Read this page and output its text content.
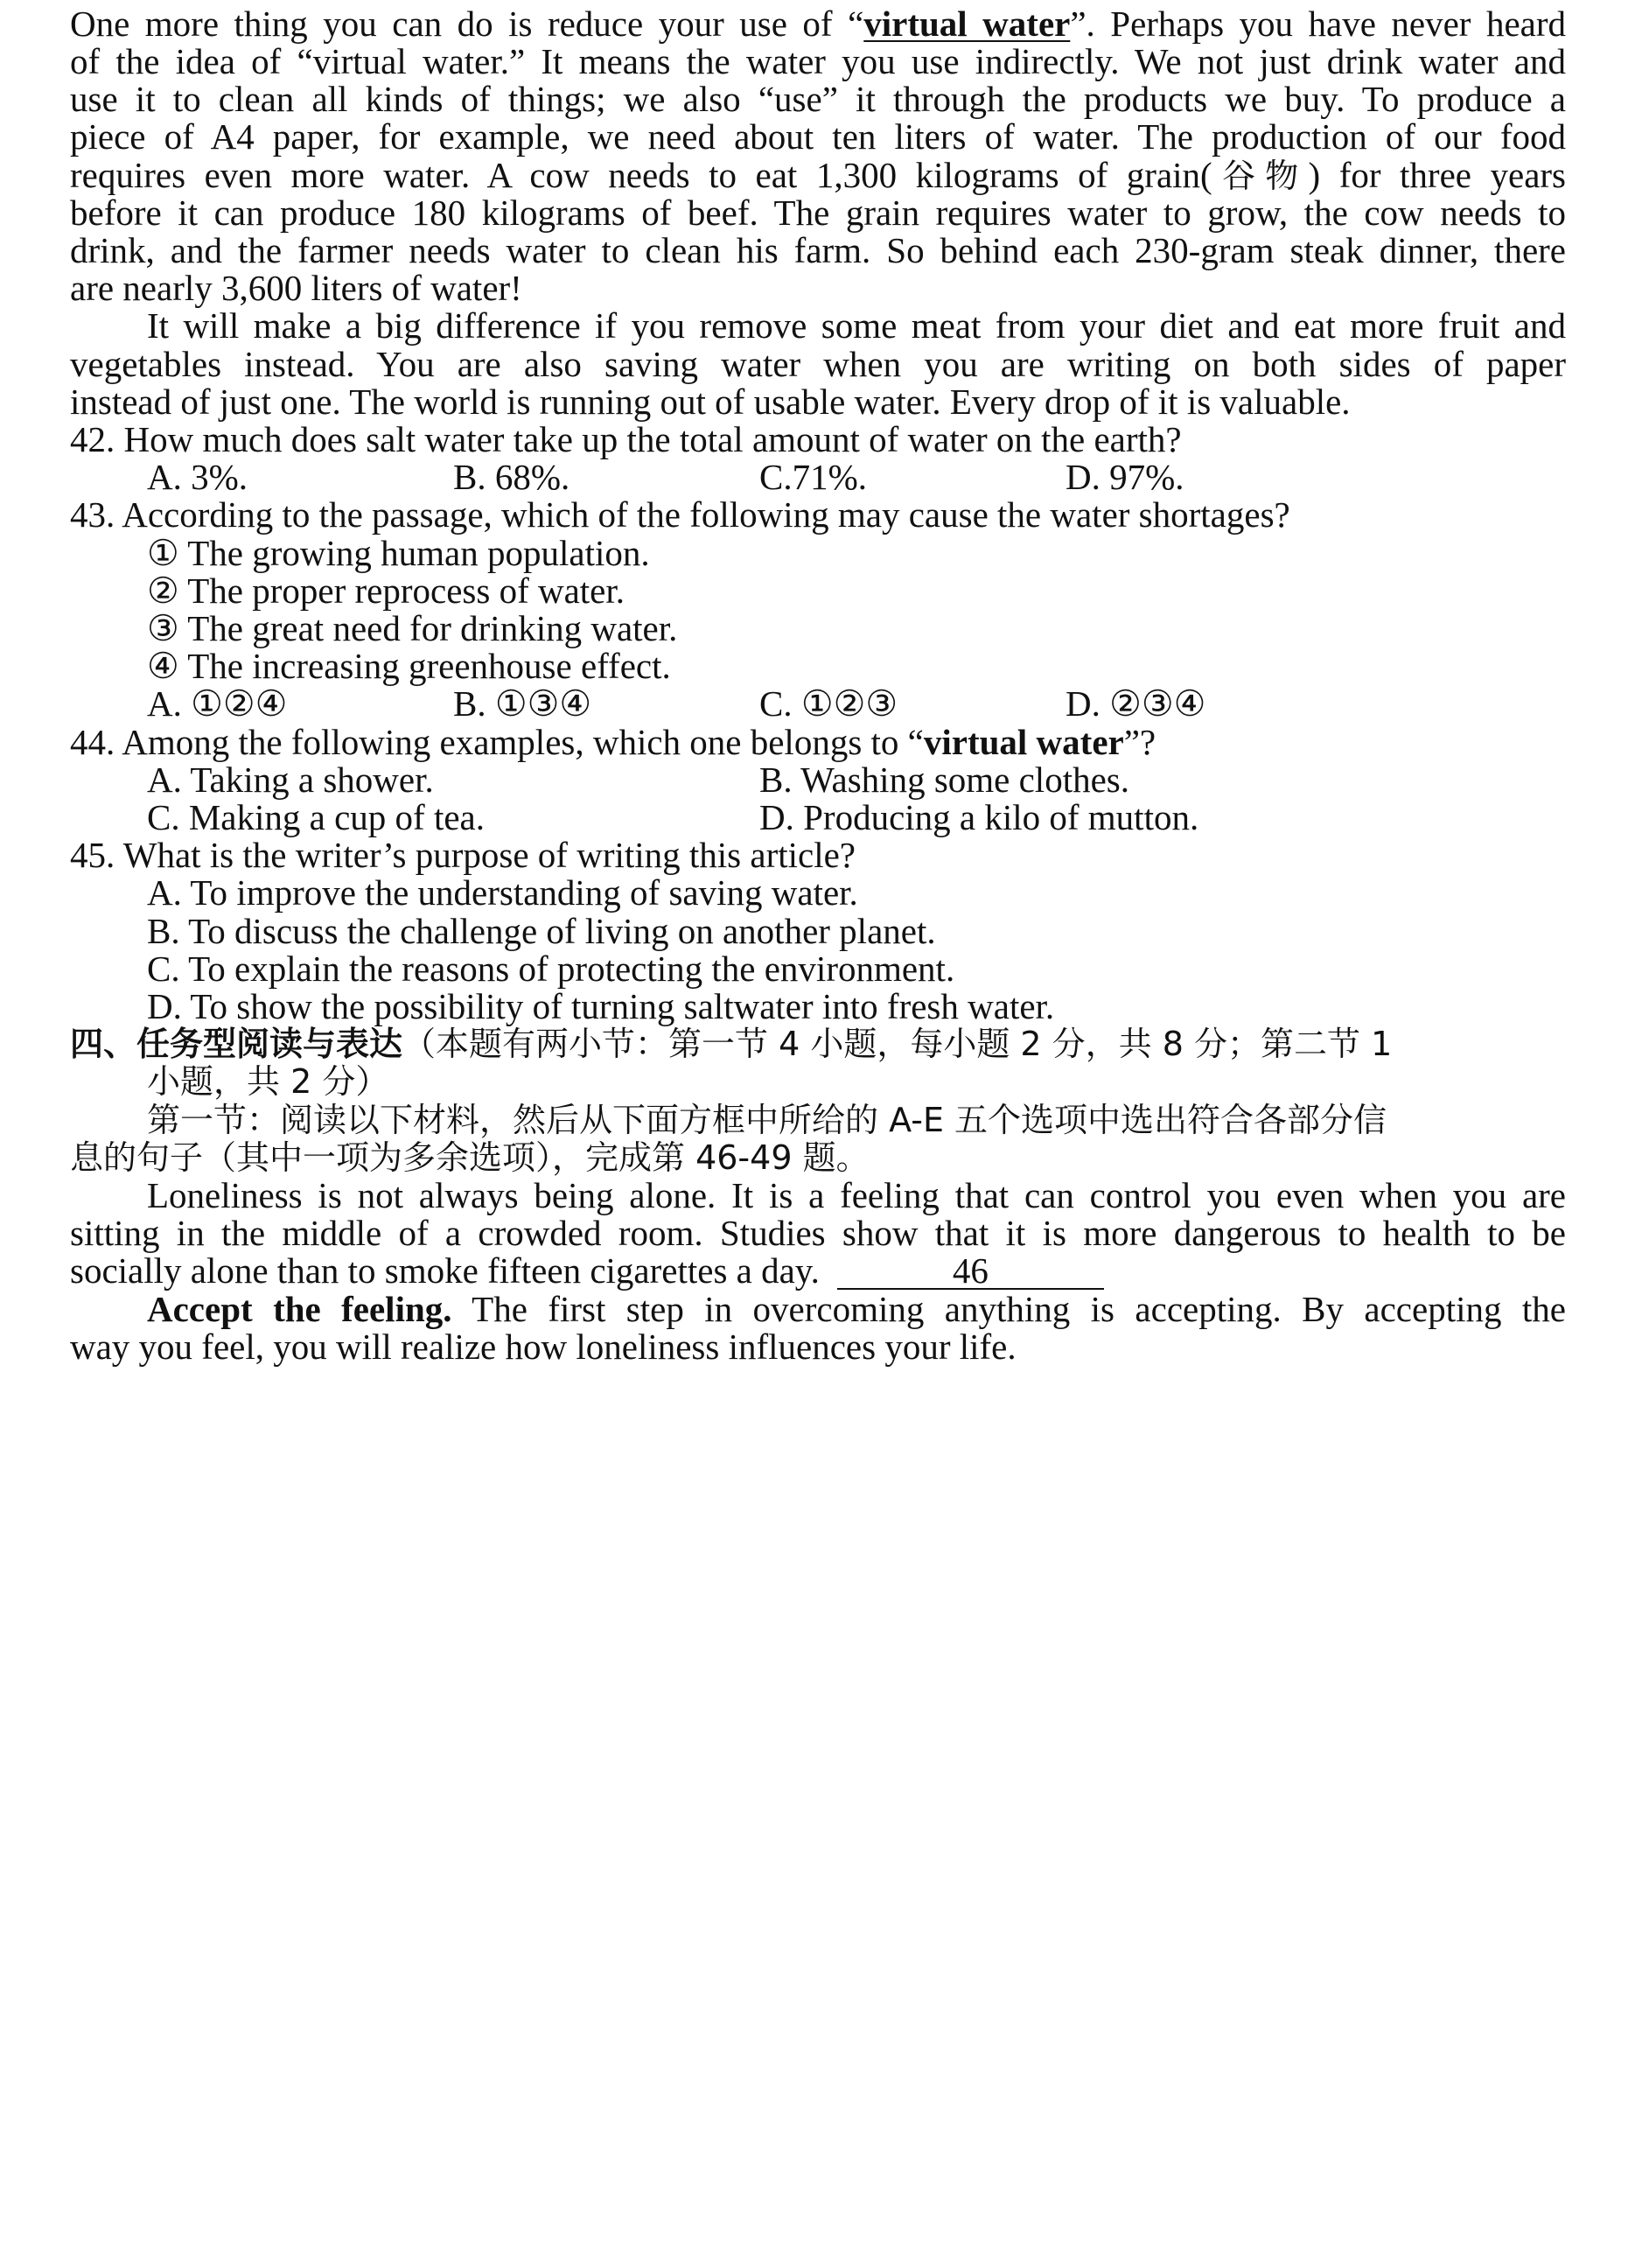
One more thing you can do is reduce your use of “virtual water”. Perhaps you have never heard
of the idea of “virtual water.” It means the water you use indirectly. We not just drink water and
use it to clean all kinds of things; we also “use” it through the products we buy. To produce a
piece of A4 paper, for example, we need about ten liters of water. The production of our food
requires even more water. A cow needs to eat 1,300 kilograms of grain(谷物) for three years
before it can produce 180 kilograms of beef. The grain requires water to grow, the cow needs to
drink, and the farmer needs water to clean his farm. So behind each 230-gram steak dinner, there
are nearly 3,600 liters of water!
It will make a big difference if you remove some meat from your diet and eat more fruit and
vegetables instead. You are also saving water when you are writing on both sides of paper
instead of just one. The world is running out of usable water. Every drop of it is valuable.
42. How much does salt water take up the total amount of water on the earth?
A. 3%.	B. 68%.	C.71%.	D. 97%.
43. According to the passage, which of the following may cause the water shortages?
① The growing human population.
② The proper reprocess of water.
③ The great need for drinking water.
④ The increasing greenhouse effect.
A. ①②④	B. ①③④	C. ①②③	D. ②③④
44. Among the following examples, which one belongs to “virtual water”?
A. Taking a shower.	B. Washing some clothes.
C. Making a cup of tea.	D. Producing a kilo of mutton.
45. What is the writer’s purpose of writing this article?
A. To improve the understanding of saving water.
B. To discuss the challenge of living on another planet.
C. To explain the reasons of protecting the environment.
D. To show the possibility of turning saltwater into fresh water.
四、任务型阅读与表达（本题有两小节：第一节 4 小题，每小题 2 分，共 8 分；第二节 1
小题，共 2 分）
第一节：阅读以下材料，然后从下面方框中所给的 A-E 五个选项中选出符合各部分信
息的句子（其中一项为多余选项），完成第 46-49 题。
Loneliness is not always being alone. It is a feeling that can control you even when you are
sitting in the middle of a crowded room. Studies show that it is more dangerous to health to be
socially alone than to smoke fifteen cigarettes a day.	46
Accept the feeling. The first step in overcoming anything is accepting. By accepting the
way you feel, you will realize how loneliness influences your life.
